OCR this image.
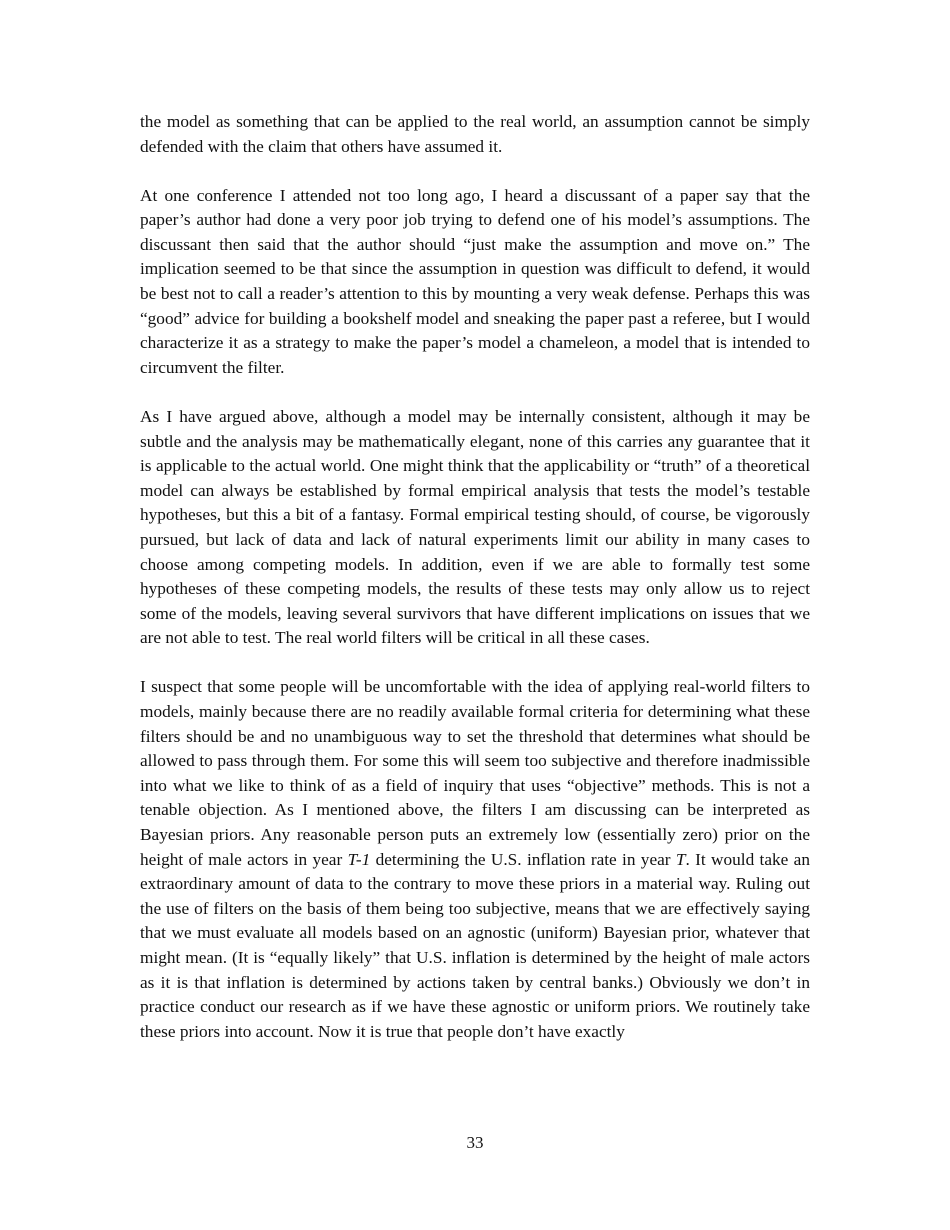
the model as something that can be applied to the real world, an assumption cannot be simply defended with the claim that others have assumed it.

At one conference I attended not too long ago, I heard a discussant of a paper say that the paper’s author had done a very poor job trying to defend one of his model’s assumptions. The discussant then said that the author should “just make the assumption and move on.” The implication seemed to be that since the assumption in question was difficult to defend, it would be best not to call a reader’s attention to this by mounting a very weak defense. Perhaps this was “good” advice for building a bookshelf model and sneaking the paper past a referee, but I would characterize it as a strategy to make the paper’s model a chameleon, a model that is intended to circumvent the filter.

As I have argued above, although a model may be internally consistent, although it may be subtle and the analysis may be mathematically elegant, none of this carries any guarantee that it is applicable to the actual world. One might think that the applicability or “truth” of a theoretical model can always be established by formal empirical analysis that tests the model’s testable hypotheses, but this a bit of a fantasy. Formal empirical testing should, of course, be vigorously pursued, but lack of data and lack of natural experiments limit our ability in many cases to choose among competing models. In addition, even if we are able to formally test some hypotheses of these competing models, the results of these tests may only allow us to reject some of the models, leaving several survivors that have different implications on issues that we are not able to test. The real world filters will be critical in all these cases.

I suspect that some people will be uncomfortable with the idea of applying real-world filters to models, mainly because there are no readily available formal criteria for determining what these filters should be and no unambiguous way to set the threshold that determines what should be allowed to pass through them. For some this will seem too subjective and therefore inadmissible into what we like to think of as a field of inquiry that uses “objective” methods. This is not a tenable objection. As I mentioned above, the filters I am discussing can be interpreted as Bayesian priors. Any reasonable person puts an extremely low (essentially zero) prior on the height of male actors in year T-1 determining the U.S. inflation rate in year T. It would take an extraordinary amount of data to the contrary to move these priors in a material way. Ruling out the use of filters on the basis of them being too subjective, means that we are effectively saying that we must evaluate all models based on an agnostic (uniform) Bayesian prior, whatever that might mean. (It is “equally likely” that U.S. inflation is determined by the height of male actors as it is that inflation is determined by actions taken by central banks.) Obviously we don’t in practice conduct our research as if we have these agnostic or uniform priors. We routinely take these priors into account. Now it is true that people don’t have exactly

33
